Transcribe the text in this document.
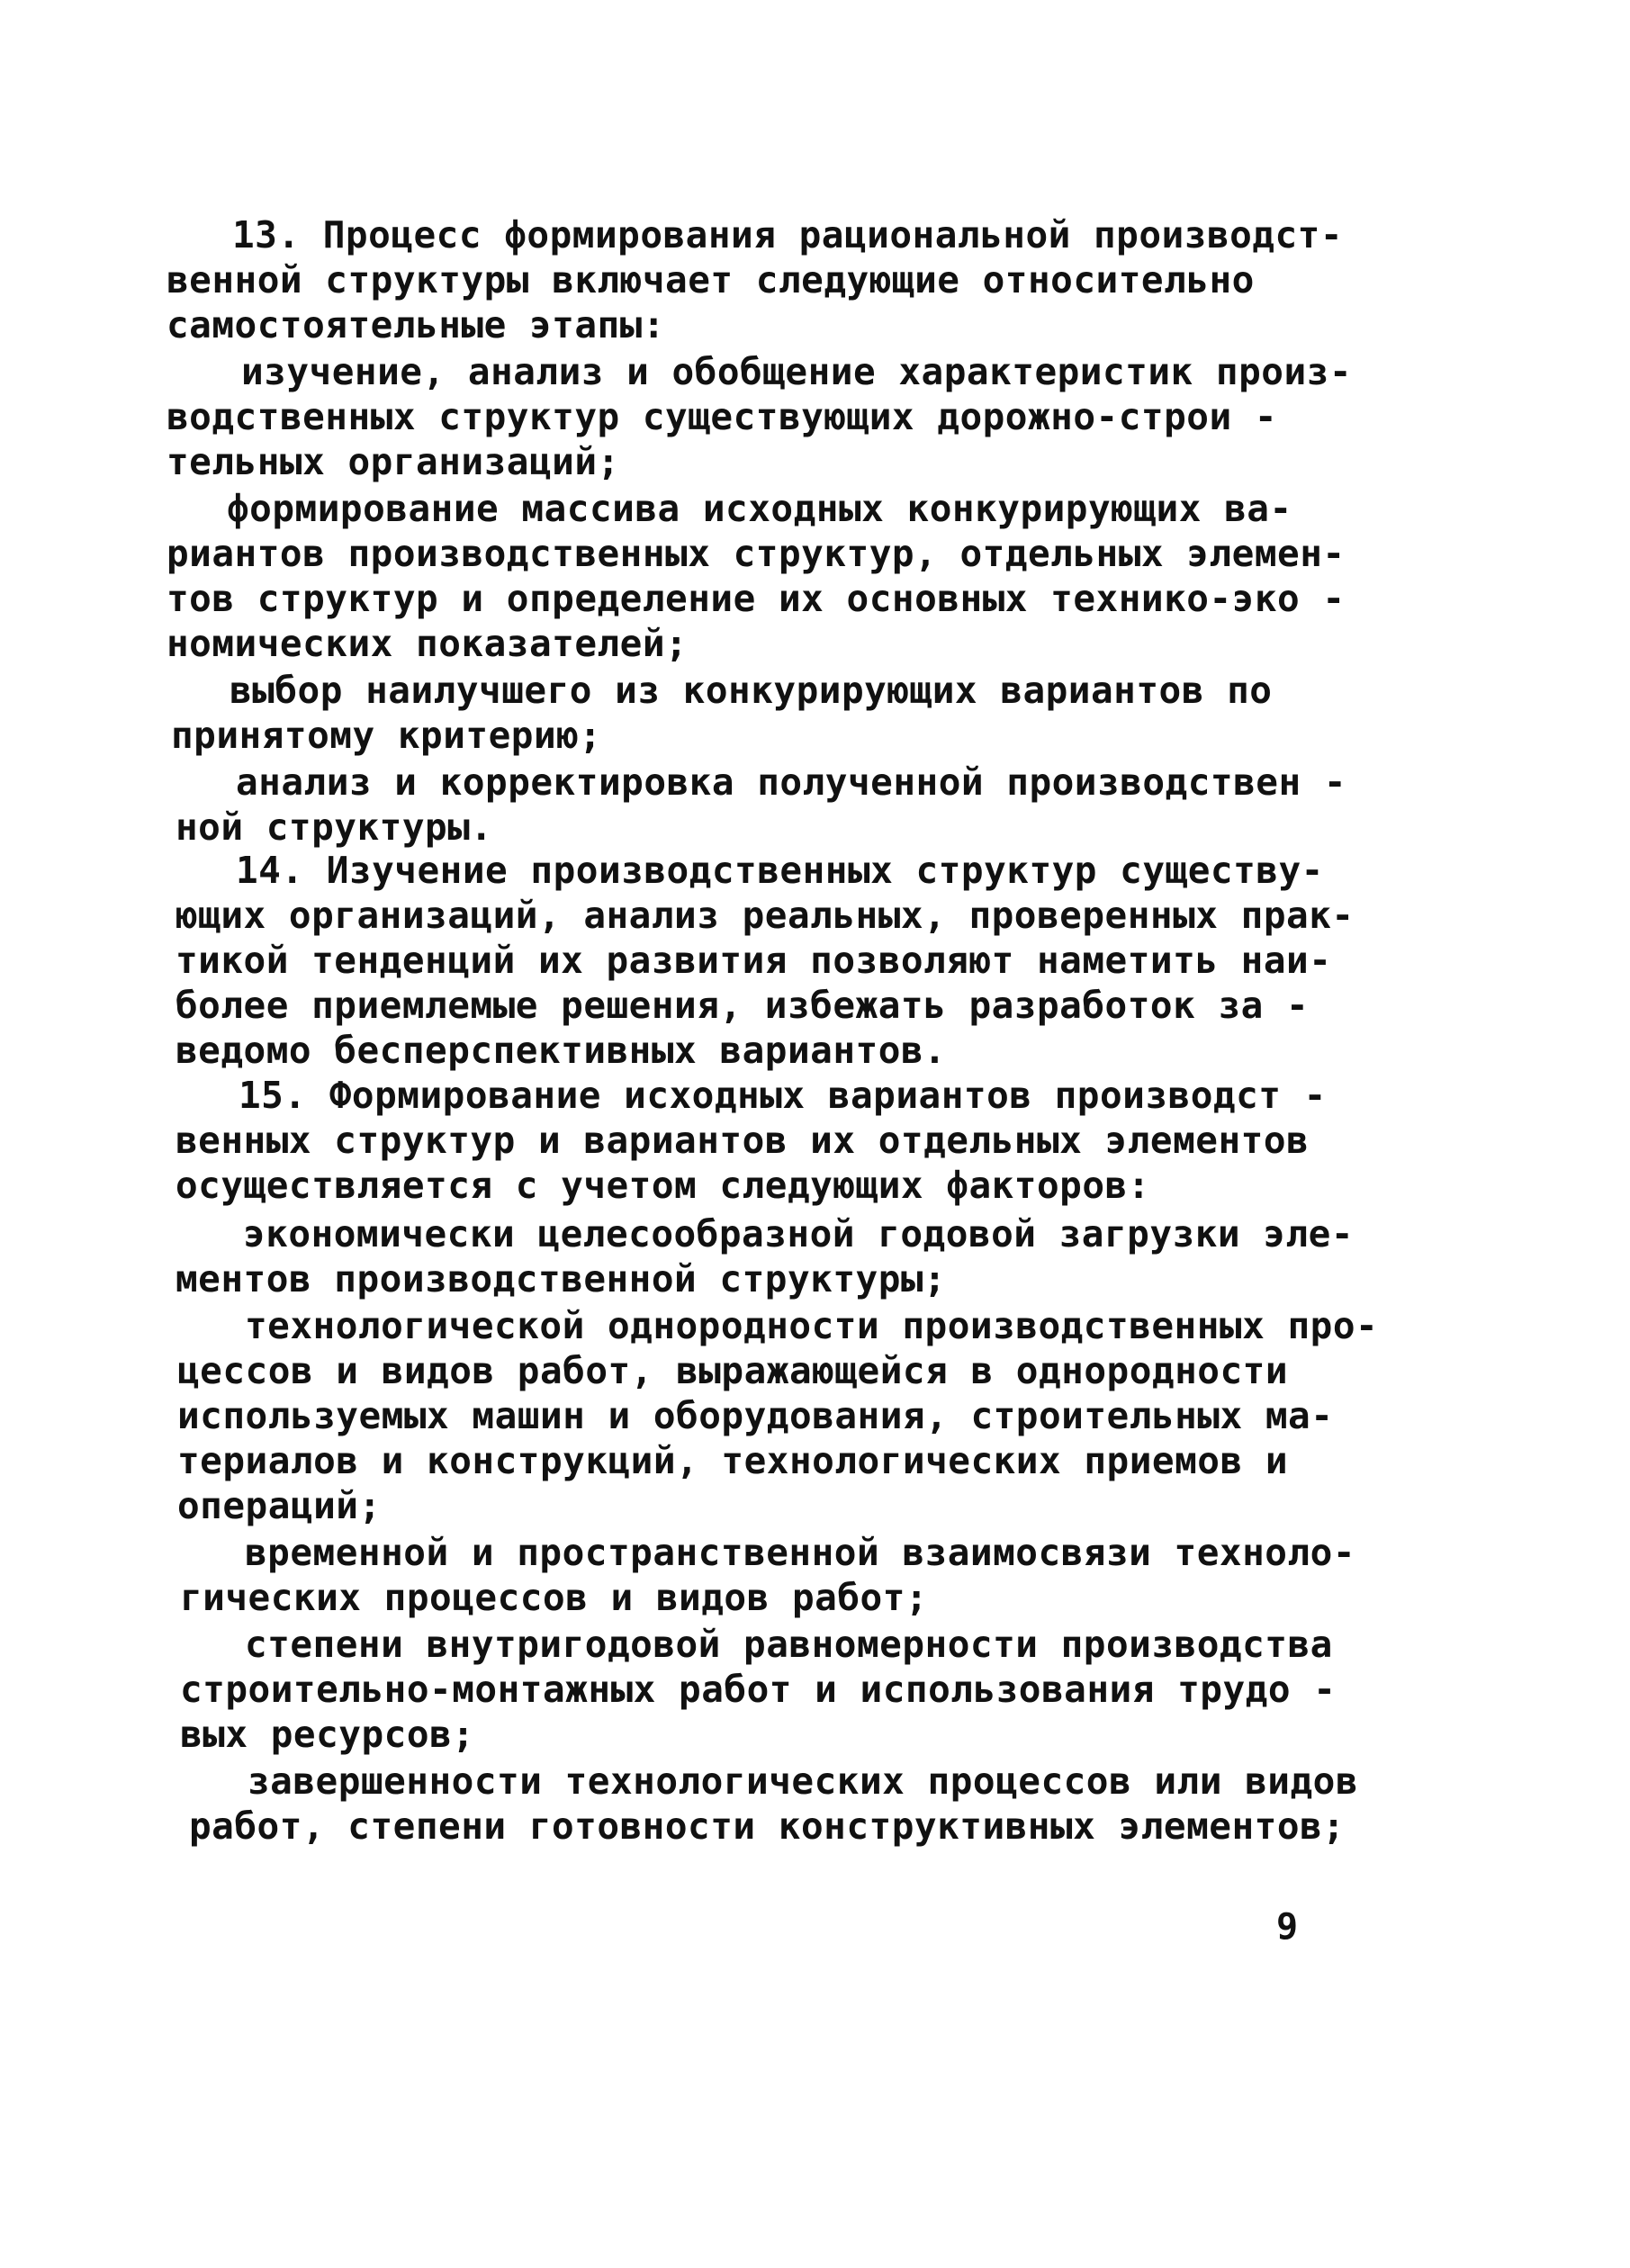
13. Процесс формирования рациональной производст-
венной структуры включает следующие относительно
самостоятельные этапы:
изучение, анализ и обобщение характеристик произ-
водственных структур существующих дорожно-строи -
тельных организаций;
формирование массива исходных конкурирующих ва-
риантов производственных структур, отдельных элемен-
тов структур и определение их основных технико-эко -
номических показателей;
выбор наилучшего из конкурирующих вариантов по
принятому критерию;
анализ и корректировка полученной производствен -
ной структуры.
14. Изучение производственных структур существу-
ющих организаций, анализ реальных, проверенных прак-
тикой тенденций их развития позволяют наметить наи-
более приемлемые решения, избежать разработок за -
ведомо бесперспективных вариантов.
15. Формирование исходных вариантов производст -
венных структур и вариантов их отдельных элементов
осуществляется с учетом следующих факторов:
экономически целесообразной годовой загрузки эле-
ментов производственной структуры;
технологической однородности производственных про-
цессов и видов работ, выражающейся в однородности
используемых машин и оборудования, строительных ма-
териалов и конструкций, технологических приемов и
операций;
временной и пространственной взаимосвязи техноло-
гических процессов и видов работ;
степени внутригодовой равномерности производства
строительно-монтажных работ и использования трудо -
вых ресурсов;
завершенности технологических процессов или видов
работ, степени готовности конструктивных элементов;
9
